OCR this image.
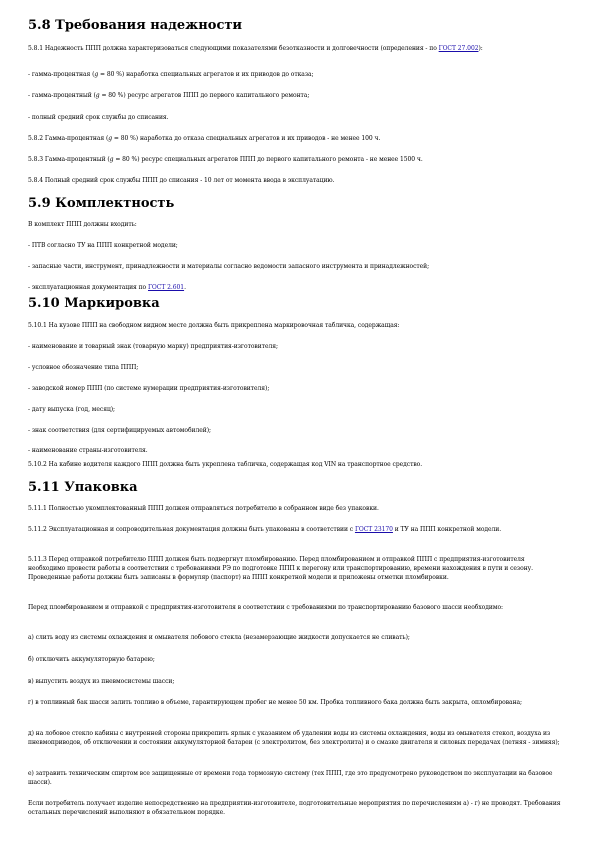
5.8 Требования надежности

5.8.1 Надежность ППП должна характеризоваться следующими показателями безотказности и долговечности (определения - по ГОСТ 27.002):

- гамма-процентная (g = 80 %) наработка специальных агрегатов и их приводов до отказа;

- гамма-процентный (g = 80 %) ресурс агрегатов ППП до первого капитального ремонта;

- полный средний срок службы до списания.

5.8.2 Гамма-процентная (g = 80 %) наработка до отказа специальных агрегатов и их приводов - не менее 100 ч.

5.8.3 Гамма-процентный (g = 80 %) ресурс специальных агрегатов ППП до первого капитального ремонта - не менее 1500 ч.

5.8.4 Полный средний срок службы ППП до списания - 10 лет от момента ввода в эксплуатацию.

5.9 Комплектность

В комплект ППП должны входить:

- ПТВ согласно ТУ на ППП конкретной модели;

- запасные части, инструмент, принадлежности и материалы согласно ведомости запасного инструмента и принадлежностей;

- эксплуатационная документация по ГОСТ 2.601.

5.10 Маркировка

5.10.1 На кузове ППП на свободном видном месте должна быть прикреплена маркировочная табличка, содержащая:

- наименование и товарный знак (товарную марку) предприятия-изготовителя;

- условное обозначение типа ППП;

- заводской номер ППП (по системе нумерации предприятия-изготовителя);

- дату выпуска (год, месяц);

- знак соответствия (для сертифицируемых автомобилей);

- наименование страны-изготовителя.

5.10.2 На кабине водителя каждого ППП должна быть укреплена табличка, содержащая код VIN на транспортное средство.

5.11 Упаковка

5.11.1 Полностью укомплектованный ППП должен отправляться потребителю в собранном виде без упаковки.

5.11.2 Эксплуатационная и сопроводительная документация должны быть упакованы в соответствии с ГОСТ 23170 и ТУ на ППП конкретной модели.

5.11.3 Перед отправкой потребителю ППП должен быть подвергнут пломбированию. Перед пломбированием и отправкой ППП с предприятия-изготовителя необходимо провести работы в соответствии с требованиями РЭ по подготовке ППП к перегону или транспортированию, времени нахождения в пути и сезону. Проведенные работы должны быть записаны в формуляр (паспорт) на ППП конкретной модели и приложены отметки пломбировки.

Перед пломбированием и отправкой с предприятия-изготовителя в соответствии с требованиями по транспортированию базового шасси необходимо:

а) слить воду из системы охлаждения и омывателя лобового стекла (незамерзающие жидкости допускается не сливать);

б) отключить аккумуляторную батарею;

в) выпустить воздух из пневмосистемы шасси;

г) в топливный бак шасси залить топливо в объеме, гарантирующем пробег не менее 50 км. Пробка топливного бака должна быть закрыта, опломбирована;

д) на лобовое стекло кабины с внутренней стороны прикрепить ярлык с указанием об удалении воды из системы охлаждения, воды из омывателя стекол, воздуха из пневмоприводов, об отключении и состоянии аккумуляторной батареи (с электролитом, без электролита) и о смазке двигателя и силовых передачах (летняя - зимняя);

е) затравить техническим спиртом все защищенные от времени года тормозную систему (тех ППП, где это предусмотрено руководством по эксплуатации на базовое шасси).

Если потребитель получает изделие непосредственно на предприятии-изготовителе, подготовительные мероприятия по перечислениям а) - г) не проводят. Требования остальных перечислений выполняют в обязательном порядке.
